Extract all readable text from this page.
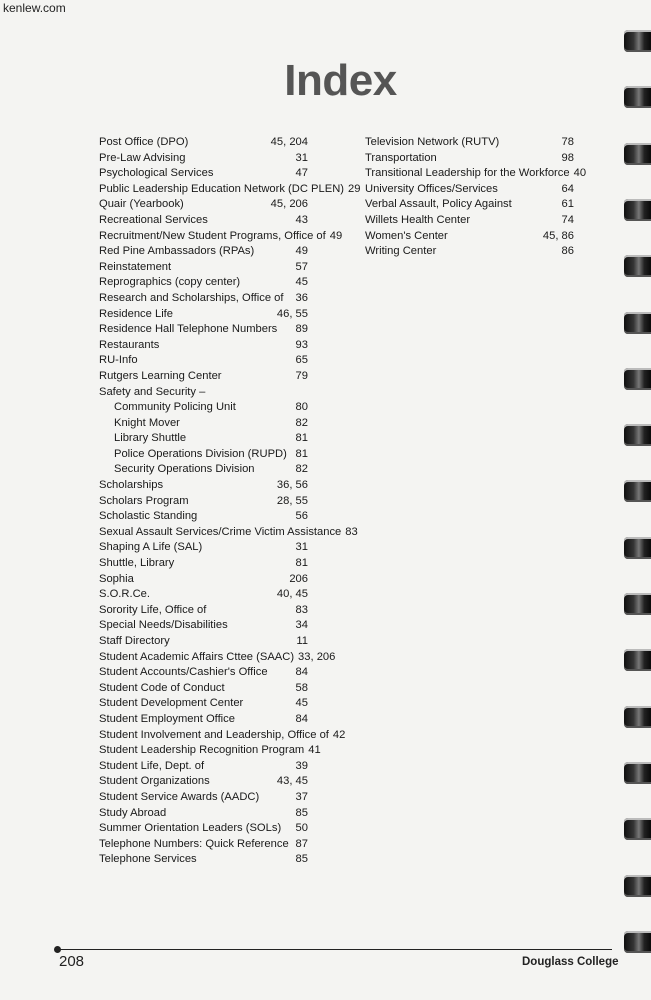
kenlew.com
Index
Post Office (DPO)	45, 204
Pre-Law Advising	31
Psychological Services	47
Public Leadership Education Network (DC PLEN) 29
Quair (Yearbook)	45, 206
Recreational Services	43
Recruitment/New Student Programs, Office of 49
Red Pine Ambassadors (RPAs)	49
Reinstatement	57
Reprographics (copy center)	45
Research and Scholarships, Office of	36
Residence Life	46, 55
Residence Hall Telephone Numbers	89
Restaurants	93
RU-Info	65
Rutgers Learning Center	79
Safety and Security –
Community Policing Unit	80
Knight Mover	82
Library Shuttle	81
Police Operations Division (RUPD) 81
Security Operations Division	82
Scholarships	36, 56
Scholars Program	28, 55
Scholastic Standing	56
Sexual Assault Services/Crime Victim Assistance 83
Shaping A Life (SAL)	31
Shuttle, Library	81
Sophia	206
S.O.R.Ce.	40, 45
Sorority Life, Office of	83
Special Needs/Disabilities	34
Staff Directory	11
Student Academic Affairs Cttee (SAAC) 33, 206
Student Accounts/Cashier's Office	84
Student Code of Conduct	58
Student Development Center	45
Student Employment Office	84
Student Involvement and Leadership, Office of 42
Student Leadership Recognition Program 41
Student Life, Dept. of	39
Student Organizations	43, 45
Student Service Awards (AADC)	37
Study Abroad	85
Summer Orientation Leaders (SOLs)	50
Telephone Numbers: Quick Reference 87
Telephone Services	85
Television Network (RUTV)	78
Transportation	98
Transitional Leadership for the Workforce 40
University Offices/Services	64
Verbal Assault, Policy Against	61
Willets Health Center	74
Women's Center	45, 86
Writing Center	86
208	Douglass College
